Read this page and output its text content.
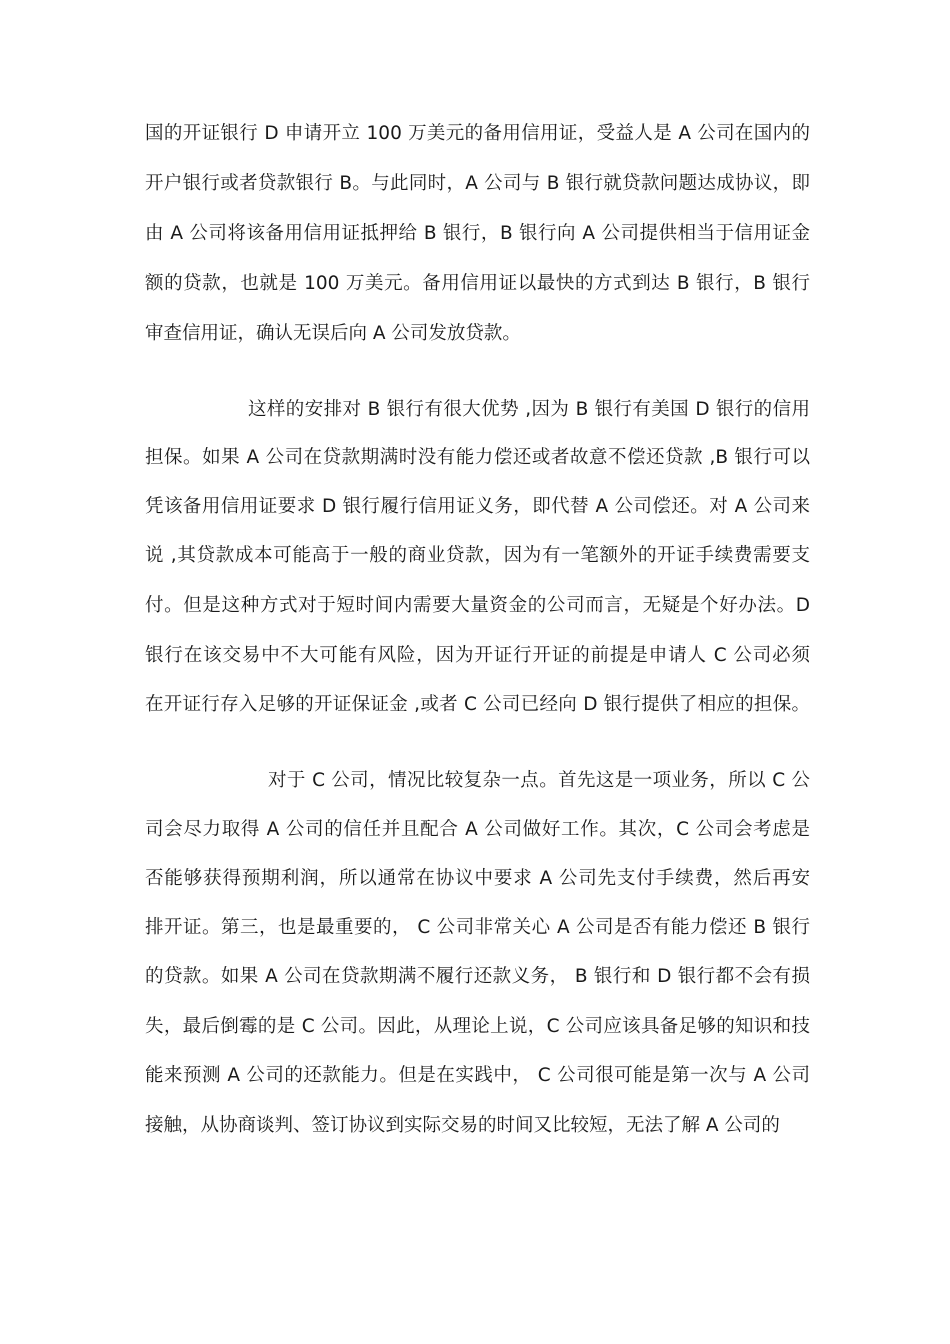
国的开证银行 D 申请开立 100 万美元的备用信用证，受益人是 A 公司在国内的
开户银行或者贷款银行 B。与此同时，A 公司与 B 银行就贷款问题达成协议，即
由 A 公司将该备用信用证抵押给 B 银行，B 银行向 A 公司提供相当于信用证金
额的贷款，也就是 100 万美元。备用信用证以最快的方式到达 B 银行，B 银行
审查信用证，确认无误后向 A 公司发放贷款。
这样的安排对 B 银行有很大优势 ,因为 B 银行有美国 D 银行的信用
担保。如果 A 公司在贷款期满时没有能力偿还或者故意不偿还贷款 ,B 银行可以
凭该备用信用证要求 D 银行履行信用证义务，即代替 A 公司偿还。对 A 公司来
说 ,其贷款成本可能高于一般的商业贷款，因为有一笔额外的开证手续费需要支
付。但是这种方式对于短时间内需要大量资金的公司而言，无疑是个好办法。D
银行在该交易中不大可能有风险，因为开证行开证的前提是申请人 C 公司必须
在开证行存入足够的开证保证金 ,或者 C 公司已经向 D 银行提供了相应的担保。
对于 C 公司，情况比较复杂一点。首先这是一项业务，所以 C 公
司会尽力取得 A 公司的信任并且配合 A 公司做好工作。其次，C 公司会考虑是
否能够获得预期利润，所以通常在协议中要求 A 公司先支付手续费，然后再安
排开证。第三，也是最重要的， C 公司非常关心 A 公司是否有能力偿还 B 银行
的贷款。如果 A 公司在贷款期满不履行还款义务， B 银行和 D 银行都不会有损
失，最后倒霉的是 C 公司。因此，从理论上说，C 公司应该具备足够的知识和技
能来预测 A 公司的还款能力。但是在实践中， C 公司很可能是第一次与 A 公司
接触，从协商谈判、签订协议到实际交易的时间又比较短，无法了解 A 公司的
